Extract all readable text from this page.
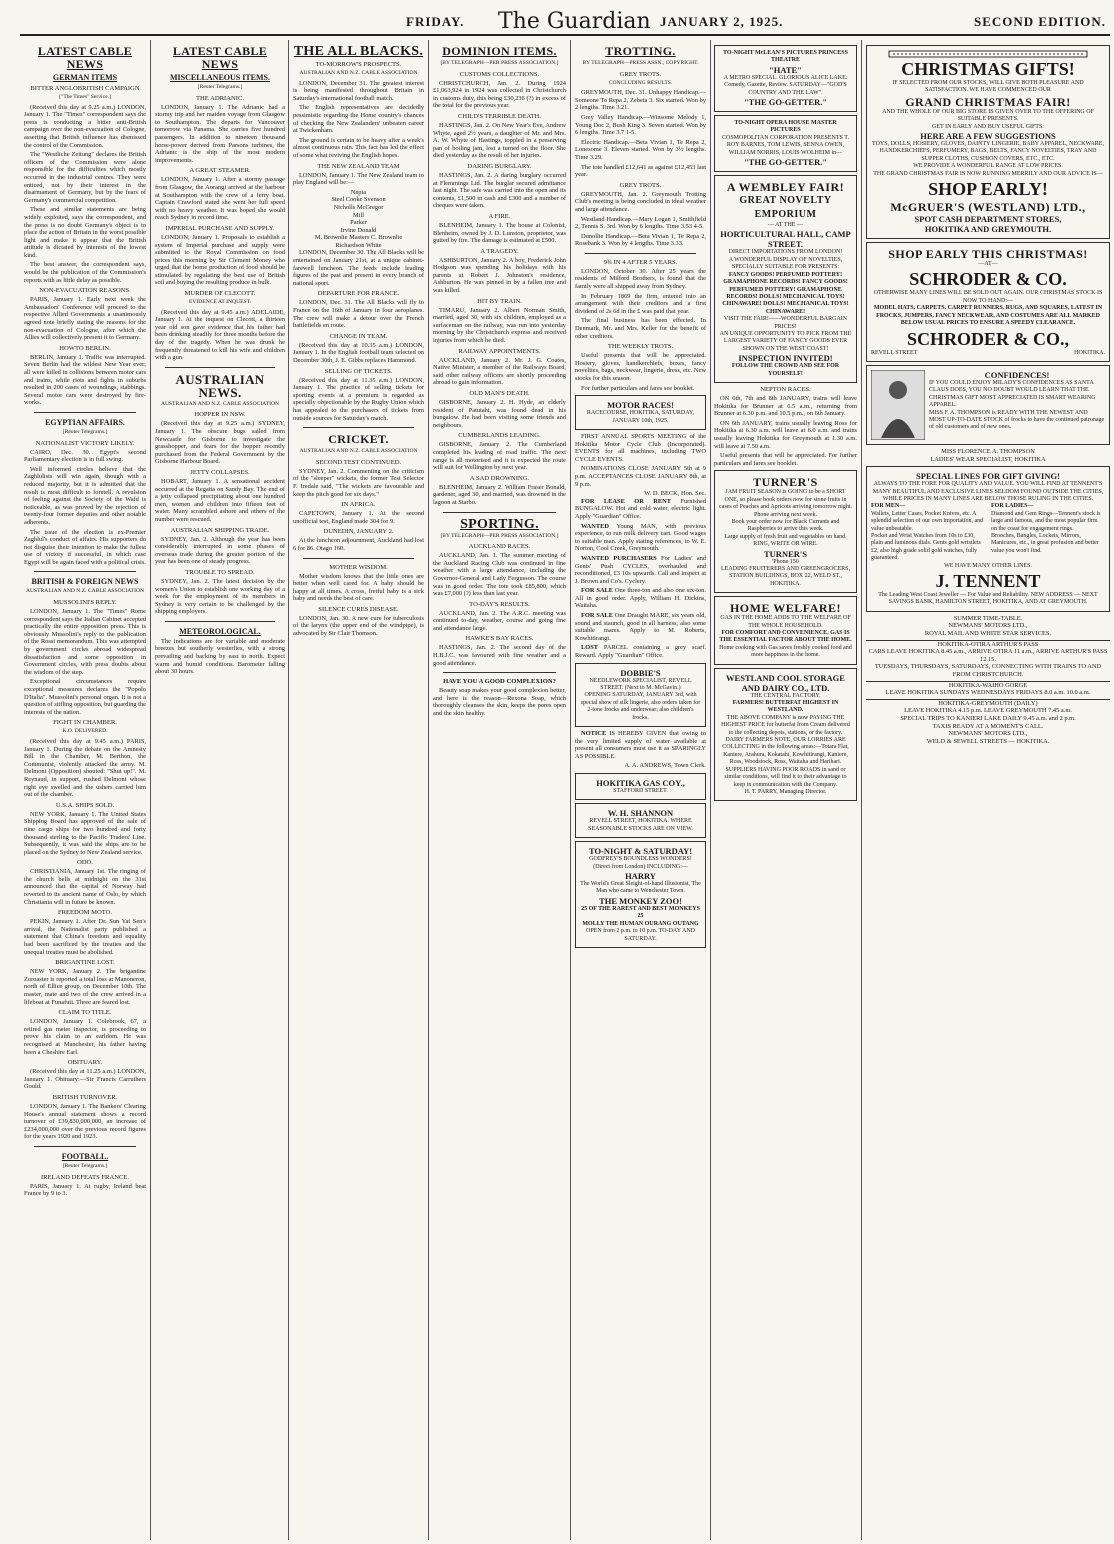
FRIDAY. The Guardian JANUARY 2, 1925.	SECOND EDITION.
LATEST CABLE NEWS
GERMAN ITEMS
BITTER ANGLOBRITISH CAMPAIGN
["The Times" Service.]

(Received this day at 9.25 a.m.) LONDON, January 1. The "Times" correspondent says the press is conducting a bitter anti-British campaign over the non-evacuation of Cologne, asserting that British influence has dismissed the control of the Commission.

The "Westliche Zeitung" declares the British officers of the Commission were alone responsible for the difficulties which mostly occurred in the industrial centres. They were enticed, not by their interest in the disarmament of Germany, but by the fears of Germany's commercial competition.

These and similar statements are being widely exploited, says the correspondent, and the press is no doubt Germany's object is to place the action of Britain in the worst possible light and make it appear that the British attitude is dictated by interests of the lowest kind.

The best answer, the correspondent says, would be the publication of the Commission's reports with as little delay as possible.

NON-EVACUATION REASONS.

PARIS, January 1. Early next week the Ambassadors' Conference will proceed to the respective Allied Governments a unanimously agreed note briefly stating the reasons for the non-evacuation of Cologne, after which the Allies will collectively present it to Germany.

HOWTO BERLIN.

BERLIN, January 1. Traffic was interrupted. Seven Berlin had the wildest New Year ever; all were killed in collisions between motor cars and trains, while riots and fights in suburbs resulted in 200 cases of woundings, stabbings. Several motor cars were destroyed by fire-works.

EGYPTIAN AFFAIRS.
[Reuter Telegrams.]
NATIONALIST VICTORY LIKELY.

CAIRO, Dec. 30. Egypt's second Parliamentary election is in full swing.

Well informed circles believe that the Zaghlulists will win again, though with a reduced majority, but it is admitted that the result is most difficult to foretell. A revulsion of feeling against the Society of the Wafd is noticeable, as was proved by the rejection of twenty-four former deputies and other notable adherents.

The issue of the election is ex-Premier Zaghlul's conduct of affairs. His supporters do not disguise their intention to make the fullest use of victory if successful, in which case Egypt will be again faced with a political crisis.

BRITISH & FOREIGN NEWS
AUSTRALIAN AND N.Z. CABLE ASSOCIATION
MUSSOLINI'S REPLY.

LONDON, January 1. The "Times" Rome correspondent says the Italian Cabinet accepted practically the entire opposition press. This is obviously Mussolini's reply to the publication of the Rossi memorandum. This was attempted by government circles abroad widespread dissatisfaction and some opposition in Government circles, with press doubts about the wisdom of the step.

Exceptional circumstances require exceptional measures declares the "Popolo D'Italia". Mussolini's personal organ. It is not a question of stifling opposition, but guarding the interests of the nation.

FIGHT IN CHAMBER.
K.O. DELIVERED.

(Received this day at 9.45 a.m.) PARIS, January 1. During the debate on the Amnesty Bill in the Chamber, M. Berthon, the Communist, violently attacked the army. M. Delmont (Opposition) shouted: "Shut up!". M. Reynaud, in support, rushed Delmont whose right eye swelled and the ushers carried him out of the chamber.

U.S.A. SHIPS SOLD.

NEW YORK, January 1. The United States Shipping Board has approved of the sale of nine cargo ships for two hundred and forty thousand sterling to the Pacific Traders' Line. Subsequently, it was said the ships are to be placed on the Sydney to New Zealand service.

ODO.

CHRISTIANIA, January 1st. The ringing of the church bells at midnight on the 31st announced that the capital of Norway had reverted to its ancient name of Oslo, by which Christiania will in future be known.

FREEDOM MOTO.

PEKIN, January 1. After Dr. Sun Yat Sen's arrival, the Nationalist party published a statement that China's freedom and equality had been sacrificed by the treaties and the unequal treaties must be abolished.

BRIGANTINE LOST.

NEW YORK, January 2. The brigantine Zoroaster is reported a total loss at Manoneron, north of Ellice group, on December 10th. The master, mate and two of the crew arrived in a lifeboat at Funafuti. Three are feared lost.

CLAIM TO TITLE.

LONDON, January 1. Colebrook, 67, a retired gas meter inspector, is proceeding to prove his claim to an earldom. He was recognised at Manchester, his father having been a Cheshire Earl.

OBITUARY.

(Received this day at 11.25 a.m.) LONDON, January 1. Obituary:—Sir Francis Carruthers Gould.

BRITISH TURNOVER.

LONDON, January 1. The Bankers' Clearing House's annual statement shows a record turnover of £39,830,000,000, an increase of £234,000,000 over the previous record figures for the years 1920 and 1923.

FOOTBALL.
[Reuter Telegrams.]
IRELAND DEFEATS FRANCE.

PARIS, January 1. At rugby, Ireland beat France by 9 to 3.

LATEST CABLE NEWS
MISCELLANEOUS ITEMS.
[Reuter Telegrams.]
THE ADRIANIC.

LONDON, January 1. The Adrianic had a stormy trip and her maiden voyage from Glasgow to Southampton. The departs for Vancouver tomorrow via Panama. She carries five hundred passengers. In addition to nineteen thousand horse-power derived from Parsons turbines, the Adrianic is the ship of the most modern improvements.

A GREAT STEAMER.

LONDON, January 1. After a stormy passage from Glasgow, the Aorangi arrived at the harbour at Southampton with the crew of a ferry boat. Captain Crawford stated she went her full speed with no heavy weather. It was hoped she would reach Sydney in record time.

IMPERIAL PURCHASE AND SUPPLY.

LONDON, January 1. Proposals to establish a system of Imperial purchase and supply were submitted to the Royal Commission on food prices this morning by Sir Clement Money who urged that the home production of food should be stimulated by regulating the best use of British soil and buying the resulting produce in bulk.

MURDER OF CLECOTT.
EVIDENCE AT INQUEST.

(Received this day at 9.45 a.m.) ADELAIDE, January 1. At the inquest on Clecott, a thirteen year old son gave evidence that his father had been drinking steadily for three months before the day of the tragedy. When he was drunk he frequently threatened to kill his wife and children with a gun.

AUSTRALIAN NEWS.
AUSTRALIAN AND N.Z. CABLE ASSOCIATION
HOPPER IN NSW.

(Received this day at 9.25 a.m.) SYDNEY, January 1. The obscure bugs sailed from Newcastle for Gisborne to investigate the grasshopper, and fears for the hopper recently purchased from the Federal Government by the Gisborne Harbour Board.

JETTY COLLAPSES.

HOBART, January 1. A sensational accident occurred at the Regatta on Sandy Bay. The end of a jetty collapsed precipitating about one hundred men, women and children into fifteen feet of water. Many scrambled ashore and others of the number were rescued.

AUSTRALIAN SHIPPING TRADE.

SYDNEY, Jan. 2. Although the year has been considerably interrupted in some phases of overseas trade during the greater portion of the year has been one of steady progress.

TROUBLE TO SPREAD.

SYDNEY, Jan. 2. The latest decision by the women's Union to establish one working day of a week for the employment of its members in Sydney is very certain to be challenged by the shipping employers.

METEOROLOGICAL.

The indications are for variable and moderate breezes but southerly westerlies, with a strong prevailing and backing by east to north. Expect warm and humid conditions. Barometer falling about 30 hours.

THE ALL BLACKS.
TO-MORROW'S PROSPECTS.
AUSTRALIAN AND N.Z. CABLE ASSOCIATION

LONDON, December 31. The greatest interest is being manifested throughout Britain in Saturday's international football match.

The English representatives are decidedly pessimistic regarding the Home country's chances of checking the New Zealanders' unbeaten career at Twickenham.

The ground is certain to be heavy after a week's almost continuous rain. This fact has led the effect of some what reviving the English hopes.

THE NEW ZEALAND TEAM

LONDON, January 1. The New Zealand team to play England will be:—

Nepia
Steel Cooke Svenson
Nicholls McGregor
Mill
Parker
Irvine Donald
M. Brownlie Masters C. Brownlie
Richardson White

LONDON, December 30. The All Blacks will be entertained on January 21st, at a unique cabinet-farewell luncheon. The feeds include leading figures of the past and present in every branch of national sport.

DEPARTURE FOR FRANCE.

LONDON, Dec. 31. The All Blacks will fly to France on the 16th of January in four aeroplanes. The crew will make a detour over the French battlefields en route.

CHANGE IN TEAM.

(Received this day at 10.35 a.m.) LONDON, January 1. In the English football team selected on December 30th, J. E. Gibbs replaces Hammond.

SELLING OF TICKETS.

(Received this day at 11.35 a.m.) LONDON, January 1. The practice of selling tickets for sporting events at a premium is regarded as specially objectionable by the Rugby Union which has appealed to the purchasers of tickets from outside sources for Saturday's match.

CRICKET.
AUSTRALIAN AND N.Z. CABLE ASSOCIATION
SECOND TEST CONTINUED.

SYDNEY, Jan. 2. Commenting on the criticism of the "sleeper" wickets, the former Test Selector F. Iredale said, "The wickets are favourable and keep the pitch good for six days."

IN AFRICA.

CAPETOWN, January 1. At the second unofficial test, England made 304 for 9.

DUNEDIN, JANUARY 2.

At the luncheon adjournment, Auckland had lost 6 for 86. Otago 160.

MOTHER WISDOM.

Mother wisdom knows that the little ones are better when well cared for. A baby should be happy at all times. A cross, fretful baby is a sick baby and needs the best of care.

SILENCE CURES DISEASE.

LONDON, Jan. 30. A new cure for tuberculosis of the larynx (the upper end of the windpipe), is advocated by Sir Clair Thomson.

DOMINION ITEMS.
[BY TELEGRAPH—PER PRESS ASSOCIATION.]
CUSTOMS COLLECTIONS.

CHRISTCHURCH, Jan. 2. During 1924 £1,063,924 in 1924 was collected in Christchurch in customs duty, this being £30,236 (?) in excess of the total for the previous year.

CHILD'S TERRIBLE DEATH.

HASTINGS, Jan. 2. On New Year's Eve, Andrew Whyte, aged 2½ years, a daughter of Mr. and Mrs. A. W. Whyte of Hastings, toppled in a preserving pan of boiling jam, lost a turned on the floor. She died yesterday as the result of her injuries.

DARING BURGLARY.

HASTINGS, Jan. 2. A daring burglary occurred at Flemmings Ltd. The burglar secured admittance last night. The safe was carried into the open and its contents, £1,500 in cash and £300 and a number of cheques were taken.

A FIRE.

BLENHEIM, January 1. The house at Colonist, Blenheim, owned by J. D. Lunston, proprietor, was gutted by fire. The damage is estimated at £500.

A TRAGEDY.

ASHBURTON, January 2. A boy, Frederick John Hodgson was spending his holidays with his parents at Robert J. Johnston's residence, Ashburton. He was pinned in by a fallen tree and was killed.

HIT BY TRAIN.

TIMARU, January 2. Albert Norman Smith, married, aged 30, with six children, employed as a surfaceman on the railway, was run into yesterday morning by the Christchurch express and received injuries from which he died.

RAILWAY APPOINTMENTS.

AUCKLAND, January 2. Mr. J. G. Coates, Native Minister, a member of the Railways Board, said other railway officers are shortly proceeding abroad to gain information.

OLD MAN'S DEATH.

GISBORNE, January 2. H. Hyde, an elderly resident of Patutahi, was found dead in his bungalow. He had been visiting some friends and neighbours.

CUMBERLANDS LEADING.

GISBORNE, January 2. The Cumberland completed his leading of road traffic. The next range is all motorised and it is expected the route will suit for Wellington by next year.

A SAD DROWNING.

BLENHEIM, January 2. William Fraser Bonald, gardener, aged 30, and married, was drowned in the lagoon at Starbo.

SPORTING.
[BY TELEGRAPH—PER PRESS ASSOCIATION.]
AUCKLAND RACES.

AUCKLAND, Jan. 1. The summer meeting of the Auckland Racing Club was continued in fine weather with a large attendance, including the Governor-General and Lady Fergusson. The course was in good order. The tote took £85,800, which was £7,000 (?) less than last year.

TO-DAY'S RESULTS.

AUCKLAND, Jan. 2. The A.R.C. meeting was continued to-day, weather, course and going fine and attendance large.

HAWKE'S BAY RACES.

HASTINGS, Jan. 2. The second day of the H.B.J.C. was favoured with fine weather and a good attendance.

HAVE YOU A GOOD COMPLEXION?

Beauty soap makes your good complexion better, and here is the reason—Rexona Soap, which thoroughly cleanses the skin, keeps the pores open and the skin healthy.

TROTTING.
BY TELEGRAPH—PRESS ASSN., COPYRIGHT.
GREY TROTS.
CONCLUDING RESULTS.

GREYMOUTH, Dec. 31. Unhappy Handicap.—Someone To Repa 2, Zebeta 3. Six started. Won by 2 lengths. Time 3.21.

Grey Valley Handicap.—Winsome Melody 1, Young Doc 2, Bush King 3. Seven started. Won by 6 lengths. Time 3.7 1-5.

Electric Handicap.—Beta Vivian 1, Te Repa 2, Lonesome 3. Eleven started. Won by 3½ lengths. Time 3.29.

The tote handled £12,641 as against £12,453 last year.

GREY TROTS.

GREYMOUTH, Jan. 2. Greymouth Trotting Club's meeting is being concluded in ideal weather and large attendance.

Westland Handicap.—Mary Logan 1, Smithfield 2, Tennis S. 3rd. Won by 6 lengths. Time 3.53 4-5.

Dunollie Handicap.—Beta Vivian 1, Te Repa 2, Rosebank 3. Won by 4 lengths. Time 3.33.

9¾ IN 4 AFTER 5 YEARS.

LONDON, October 30. After 25 years the residents of Milford Brothers, is found that the family were all shipped away from Sydney.

In February 1869 the firm, entered into an arrangement with their creditors and a first dividend of 2s 6d in the £ was paid that year.

The final business has been effected. In Denmark, Mr. and Mrs. Keller for the benefit of other creditors.

THE WEEKLY TROTS.

Useful presents that will be appreciated. Hosiery, gloves, handkerchiefs, boxes, fancy novelties, bags, neckwear, lingerie, dress, etc. New stocks for this season.

For further particulars and fares see booklet.

MOTOR RACES!
RACECOURSE, HOKITIKA, SATURDAY, JANUARY 10th, 1925.

FIRST ANNUAL SPORTS MEETING of the Hokitika Motor Cycle Club (Incorporated). EVENTS for all machines, including TWO CYCLE EVENTS.

NOMINATIONS CLOSE JANUARY 5th at 9 p.m. ACCEPTANCES CLOSE JANUARY 8th, at 9 p.m.

W. D. BECK, Hon. Sec.

FOR LEASE OR RENT Furnished BUNGALOW. Hot and cold water, electric light. Apply "Guardian" Office.

WANTED Young MAN, with previous experience, to run milk delivery cart. Good wages to suitable man. Apply stating references, to W. E. Norton, Cool Creek, Greymouth.

WANTED PURCHASERS For Ladies' and Gents' Push CYCLES, overhauled and reconditioned, £3 10s upwards. Call and inspect at J. Brown and Co's. Cyclery.

FOR SALE One three-ton and also one six-ton. All in good order. Apply, William H. Dickins, Waitaha.

FOR SALE One Draught MARE, six years old, sound and staunch, good in all harness, also some suitable mares. Apply to M. Roberts, Kowhitirangi.

LOST PARCEL containing a grey scarf. Reward. Apply "Guardian" Office.

DOBBIE'S
NEEDLEWORK SPECIALIST, REVELL STREET. (Next to M. McGavin.)
OPENING SATURDAY, JANUARY 3rd, with special show of silk lingerie, also orders taken for 2-tone frocks and underwear; also children's frocks.

NOTICE IS HEREBY GIVEN that owing to the very limited supply of water available at present all consumers must use it as SPARINGLY AS POSSIBLE.

A. A. ANDREWS, Town Clerk.
HOKITIKA GAS COY.,
STAFFORD STREET.
W. H. SHANNON
REVELL STREET, HOKITIKA. WHERE SEASONABLE STOCKS ARE ON VIEW.
TO-NIGHT & SATURDAY!
GODFREY'S BOUNDLESS WONDERS! (Direct from London) INCLUDING:—
HARRY
The World's Great Sleight-of-hand Illusionist, The Man who came to Wenchester Town.
THE MONKEY ZOO!
25 OF THE RAREST AND BEST MONKEYS 25
MOLLY THE HUMAN OURANG OUTANG
OPEN from 2 p.m. to 10 p.m. TO-DAY AND SATURDAY.
TO-NIGHT McLEAN'S PICTURES PRINCESS THEATRE
"HATE"
A METRO SPECIAL. GLORIOUS ALICE LAKE. Comedy, Gazette, Review. SATURDAY—"GOD'S COUNTRY AND THE LAW".
"THE GO-GETTER."
TO-NIGHT OPERA HOUSE MASTER PICTURES
COSMOPOLITAN CORPORATION PRESENTS T. ROY BARNES, TOM LEWIS, SENNA OWEN, WILLIAM NORRIS, LOUIS WOLHEIM in—
"THE GO-GETTER."
A WEMBLEY FAIR!
GREAT NOVELTY EMPORIUM
— AT THE —
HORTICULTURAL HALL, CAMP STREET.
DIRECT IMPORTATIONS FROM LONDON!
A WONDERFUL DISPLAY OF NOVELTIES, SPECIALLY SUITABLE FOR PRESENTS:
FANCY GOODS! PERFUMED POTTERY! GRAMAPHONE RECORDS! FANCY GOODS! PERFUMED POTTERY! GRAMAPHONE RECORDS! DOLLS! MECHANICAL TOYS! CHINAWARE! DOLLS! MECHANICAL TOYS! CHINAWARE!
VISIT THE FAIR!——WONDERFUL BARGAIN PRICES!
AN UNIQUE OPPORTUNITY TO PICK FROM THE LARGEST VARIETY OF FANCY GOODS EVER SHOWN ON THE WEST COAST!
INSPECTION INVITED!
FOLLOW THE CROWD AND SEE FOR YOURSELF!
NEPTON RACES.

ON 6th, 7th and 8th JANUARY, trains will leave Hokitika for Brunner at 6.5 a.m., returning from Brunner at 6.30 p.m. and 10.5 p.m., on 6th January.

ON 6th JANUARY, trains usually leaving Ross for Hokitika at 6.30 a.m. will leave at 6.0 a.m. and trains usually leaving Hokitika for Greymouth at 1.30 a.m. will leave at 7.50 a.m.

Useful presents that will be appreciated. For further particulars and fares see booklet.

TURNER'S
JAM FRUIT SEASON is GOING to be a SHORT ONE, so please book orders now for stone fruits in cases of Peaches and Apricots arriving tomorrow night. Phone arriving next week.
Book your order now for Black Currants and Raspberries to arrive this week.
Large supply of fresh fruit and vegetables on hand.
RING, WRITE OR WIRE.
TURNER'S
'Phone 150
LEADING FRUITERERS AND GREENGROCERS, STATION BUILDINGS, BOX 22, WELD ST., HOKITIKA.
HOME WELFARE!
GAS IN THE HOME ADDS TO THE WELFARE OF THE WHOLE HOUSEHOLD.
FOR COMFORT AND CONVENIENCE, GAS IS THE ESSENTIAL FACTOR ABOUT THE HOME.
Home cooking with Gas saves freshly cooked food and more happiness in the home.
WESTLAND COOL STORAGE AND DAIRY CO., LTD.
THE CENTRAL FACTORY.
FARMERS! BUTTERFAT HIGHEST IN WESTLAND.
THE ABOVE COMPANY is now PAYING THE HIGHEST PRICE for butterfat from Cream delivered to the collecting depots, stations, or the factory.
DAIRY FARMERS NOTE, OUR LORRIES ARE COLLECTING in the following areas:—Totara Flat, Kaniere, Arahura, Kokatahi, Kowhitirangi, Kaniere, Ross, Woodstock, Ross, Waitaha and Harihari.
SUPPLIERS HAVING POOR ROADS in sand or similar conditions, will find it to their advantage to keep in communication with the Company.
H. T. PARRY, Managing Director.
CHRISTMAS GIFTS!
IF SELECTED FROM OUR STOCKS, WILL GIVE BOTH PLEASURE AND SATISFACTION. WE HAVE COMMENCED OUR
GRAND CHRISTMAS FAIR!
AND THE WHOLE OF OUR BIG STORE IS GIVEN OVER TO THE OFFERING OF SUITABLE PRESENTS.
GET IN EARLY AND BUY USEFUL GIFTS:
HERE ARE A FEW SUGGESTIONS
TOYS, DOLLS, HOSIERY, GLOVES, DAINTY LINGERIE, BABY APPAREL, NECKWARE, HANDKERCHIEFS, PERFUMERY, BAGS, BELTS, FANCY NOVELTIES, TRAY AND SUPPER CLOTHS, CUSHION COVERS, ETC., ETC.
WE PROVIDE A WONDERFUL RANGE AT LOW PRICES.
THE GRAND CHRISTMAS FAIR IS NOW RUNNING MERRILY AND OUR ADVICE IS—
SHOP EARLY!
McGRUER'S (WESTLAND) LTD.,
SPOT CASH DEPARTMENT STORES,
HOKITIKA AND GREYMOUTH.
SHOP EARLY THIS CHRISTMAS!
—AT—
SCHRODER & CO.
OTHERWISE MANY LINES WILL BE SOLD OUT AGAIN. OUR CHRISTMAS STOCK IS NOW TO HAND:—
MODEL HATS, CARPETS, CARPET RUNNERS, RUGS, AND SQUARES, LATEST IN FROCKS, JUMPERS, FANCY NECKWEAR, AND COSTUMES ARE ALL MARKED BELOW USUAL PRICES TO ENSURE A SPEEDY CLEARANCE.
SCHRODER & CO.,
REVELL STREET	HOKITIKA.
CONFIDENCES!
IF YOU COULD ENJOY MILADY'S CONFIDENCES AS SANTA CLAUS DOES, YOU NO DOUBT WOULD LEARN THAT THE CHRISTMAS GIFT MOST APPRECIATED IS SMART WEARING APPAREL.
MISS F. A. THOMPSON is READY WITH THE NEWEST AND MOST UP-TO-DATE STOCK of frocks to have the continued patronage of old customers and of new ones.
MISS FLORENCE A. THOMPSON
LADIES' WEAR SPECIALIST, HOKITIKA
SPECIAL LINES FOR GIFT GIVING!
ALWAYS TO THE FORE FOR QUALITY AND VALUE. YOU WILL FIND AT TENNENT'S MANY BEAUTIFUL AND EXCLUSIVE LINES SELDOM FOUND OUTSIDE THE CITIES, WHILE PRICES IN MANY LINES ARE BELOW THOSE RULING IN THE CITIES.
FOR MEN—
Wallets, Letter Cases, Pocket Knives, etc. A splendid selection of our own importation, and value unbeatable.
Pocket and Wrist Watches from 10s to £30, plain and luminous dials. Gents gold wristlets £2, also high grade solid gold watches, fully guaranteed.
FOR LADIES—
Diamond and Gem Rings—Tennent's stock is large and famous, and the most popular firm on the coast for engagement rings.
Brooches, Bangles, Lockets, Mirrors, Manicures, etc., in great profusion and better value you won't find.
WE HAVE MANY OTHER LINES.
J. TENNENT
The Leading West Coast Jeweller — For Value and Reliability. NEW ADDRESS — NEXT SAVINGS BANK, HAMILTON STREET, HOKITIKA, AND AT GREYMOUTH.
SUMMER TIME-TABLE.
NEWMANS' MOTORS LTD.,
ROYAL MAIL AND WHITE STAR SERVICES.
HOKITIKA-OTIRA ARTHUR'S PASS
CARS LEAVE HOKITIKA 8.45 a.m., ARRIVE OTIRA 11 a.m., ARRIVE ARTHUR'S PASS 12.15.
TUESDAYS, THURSDAYS, SATURDAYS, CONNECTING WITH TRAINS TO AND FROM CHRISTCHURCH.
HOKITIKA-WAIHO GORGE
LEAVE HOKITIKA SUNDAYS WEDNESDAYS FRIDAYS 8.0 a.m. 10.0 a.m.
HOKITIKA-GREYMOUTH (DAILY)
LEAVE HOKITIKA 4.15 p.m. LEAVE GREYMOUTH 7.45 a.m.
SPECIAL TRIPS TO KANIERI LAKE DAILY 9.45 a.m. and 2 p.m.
TAXIS READY AT A MOMENT'S CALL.
NEWMANS' MOTORS LTD.,
WELD & SEWELL STREETS — HOKITIKA.
